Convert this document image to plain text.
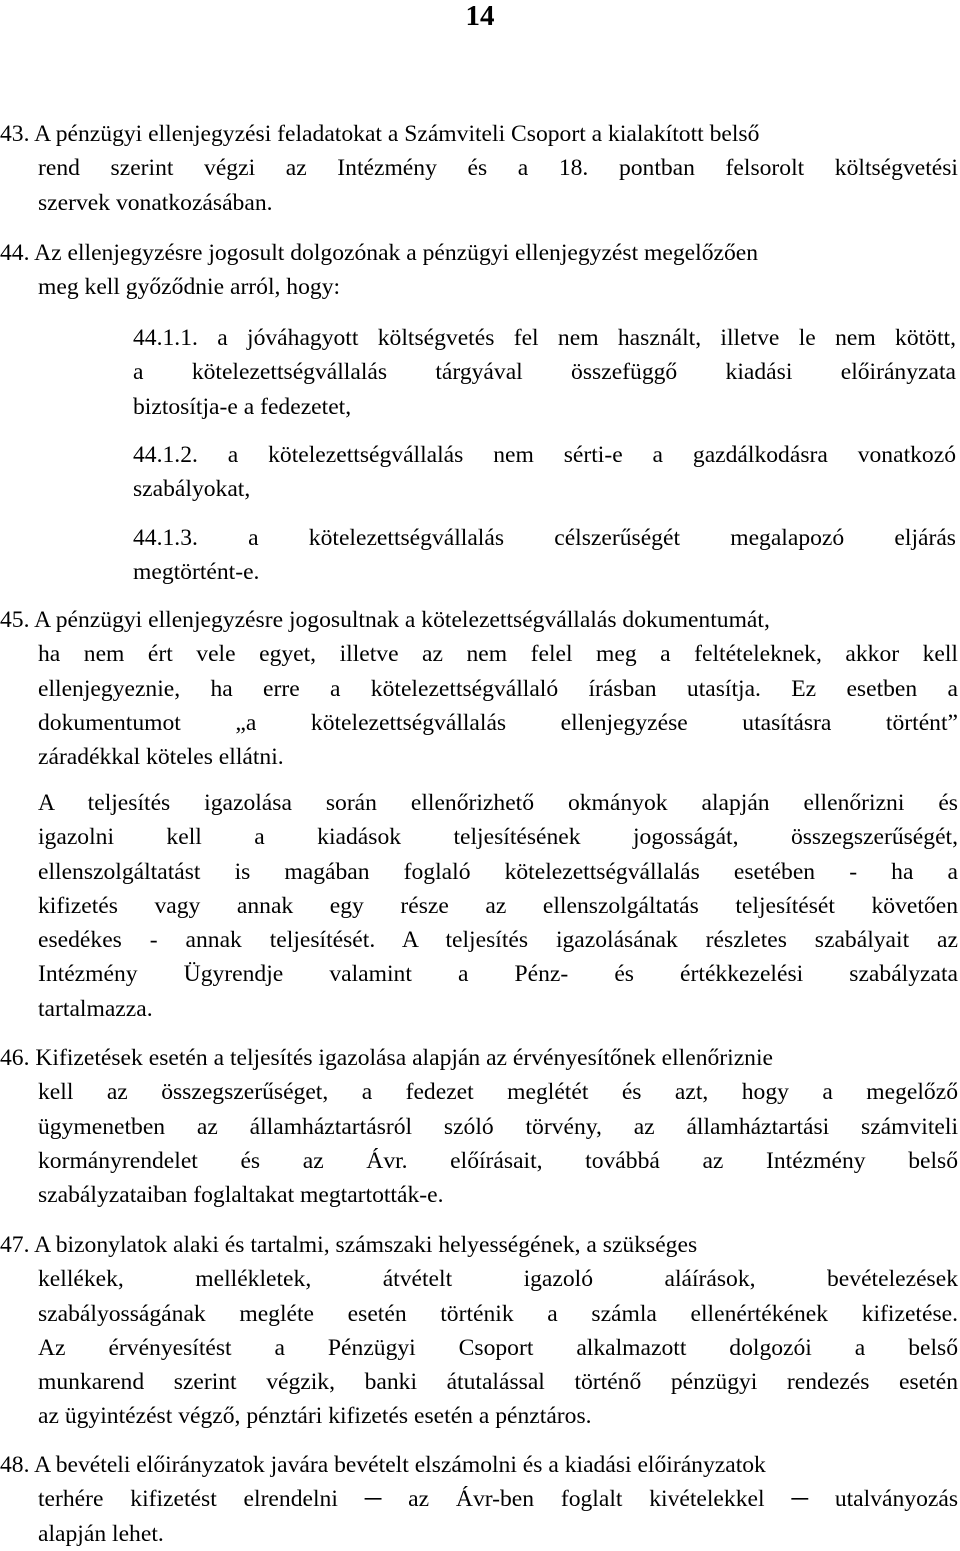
14
43. A pénzügyi ellenjegyzési feladatokat a Számviteli Csoport a kialakított belső
rend szerint végzi az Intézmény és a 18. pontban felsorolt költségvetési
szervek vonatkozásában.
44. Az ellenjegyzésre jogosult dolgozónak a pénzügyi ellenjegyzést megelőzően
meg kell győződnie arról, hogy:
44.1.1. a jóváhagyott költségvetés fel nem használt, illetve le nem kötött,
a kötelezettségvállalás tárgyával összefüggő kiadási előirányzata
biztosítja-e a fedezetet,
44.1.2. a kötelezettségvállalás nem sérti-e a gazdálkodásra vonatkozó
szabályokat,
44.1.3. a kötelezettségvállalás célszerűségét megalapozó eljárás
megtörtént-e.
45. A pénzügyi ellenjegyzésre jogosultnak a kötelezettségvállalás dokumentumát,
ha nem ért vele egyet, illetve az nem felel meg a feltételeknek, akkor kell
ellenjegyeznie, ha erre a kötelezettségvállaló írásban utasítja. Ez esetben a
dokumentumot „a kötelezettségvállalás ellenjegyzése utasításra történt”
záradékkal köteles ellátni.
A teljesítés igazolása során ellenőrizhető okmányok alapján ellenőrizni és
igazolni kell a kiadások teljesítésének jogosságát, összegszerűségét,
ellenszolgáltatást is magában foglaló kötelezettségvállalás esetében - ha a
kifizetés vagy annak egy része az ellenszolgáltatás teljesítését követően
esedékes - annak teljesítését. A teljesítés igazolásának részletes szabályait az
Intézmény Ügyrendje valamint a Pénz- és értékkezelési szabályzata
tartalmazza.
46. Kifizetések esetén a teljesítés igazolása alapján az érvényesítőnek ellenőriznie
kell az összegszerűséget, a fedezet meglétét és azt, hogy a megelőző
ügymenetben az államháztartásról szóló törvény, az államháztartási számviteli
kormányrendelet és az Ávr. előírásait, továbbá az Intézmény belső
szabályzataiban foglaltakat megtartották-e.
47. A bizonylatok alaki és tartalmi, számszaki helyességének, a szükséges
kellékek, mellékletek, átvételt igazoló aláírások, bevételezések
szabályosságának megléte esetén történik a számla ellenértékének kifizetése.
Az érvényesítést a Pénzügyi Csoport alkalmazott dolgozói a belső
munkarend szerint végzik, banki átutalással történő pénzügyi rendezés esetén
az ügyintézést végző, pénztári kifizetés esetén a pénztáros.
48. A bevételi előirányzatok javára bevételt elszámolni és a kiadási előirányzatok
terhére kifizetést elrendelni ─ az Ávr-ben foglalt kivételekkel ─ utalványozás
alapján lehet.
